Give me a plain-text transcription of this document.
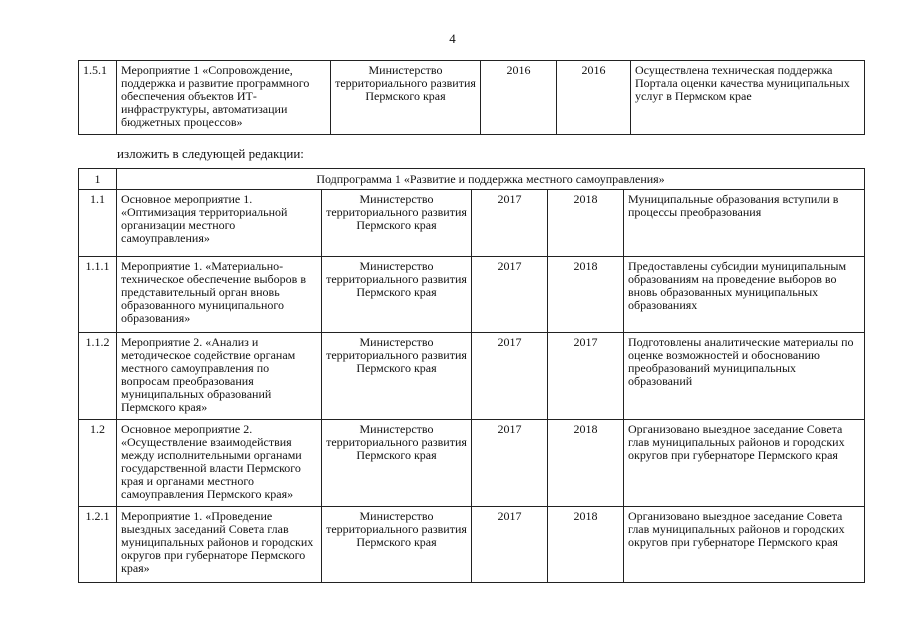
4
1.5.1	Мероприятие 1 «Сопровождение, поддержка и развитие программного обеспечения объектов ИТ-инфраструктуры, автоматизации бюджетных процессов»	Министерство территориального развития Пермского края	2016	2016	Осуществлена техническая поддержка Портала оценки качества муниципальных услуг в Пермском крае
изложить в следующей редакции:
1	Подпрограмма 1 «Развитие и поддержка местного самоуправления»				
1.1	Основное мероприятие 1. «Оптимизация территориальной организации местного самоуправления»	Министерство территориального развития Пермского края	2017	2018	Муниципальные образования вступили в процессы преобразования
1.1.1	Мероприятие 1. «Материально-техническое обеспечение выборов в представительный орган вновь образованного муниципального образования»	Министерство территориального развития Пермского края	2017	2018	Предоставлены субсидии муниципальным образованиям на проведение выборов во вновь образованных муниципальных образованиях
1.1.2	Мероприятие 2. «Анализ и методическое содействие органам местного самоуправления по вопросам преобразования муниципальных образований Пермского края»	Министерство территориального развития Пермского края	2017	2017	Подготовлены аналитические материалы по оценке возможностей и обоснованию преобразований муниципальных образований
1.2	Основное мероприятие 2. «Осуществление взаимодействия между исполнительными органами государственной власти Пермского края и органами местного самоуправления Пермского края»	Министерство территориального развития Пермского края	2017	2018	Организовано выездное заседание Совета глав муниципальных районов и городских округов при губернаторе Пермского края
1.2.1	Мероприятие 1. «Проведение выездных заседаний Совета глав муниципальных районов и городских округов при губернаторе Пермского края»	Министерство территориального развития Пермского края	2017	2018	Организовано выездное заседание Совета глав муниципальных районов и городских округов при губернаторе Пермского края
